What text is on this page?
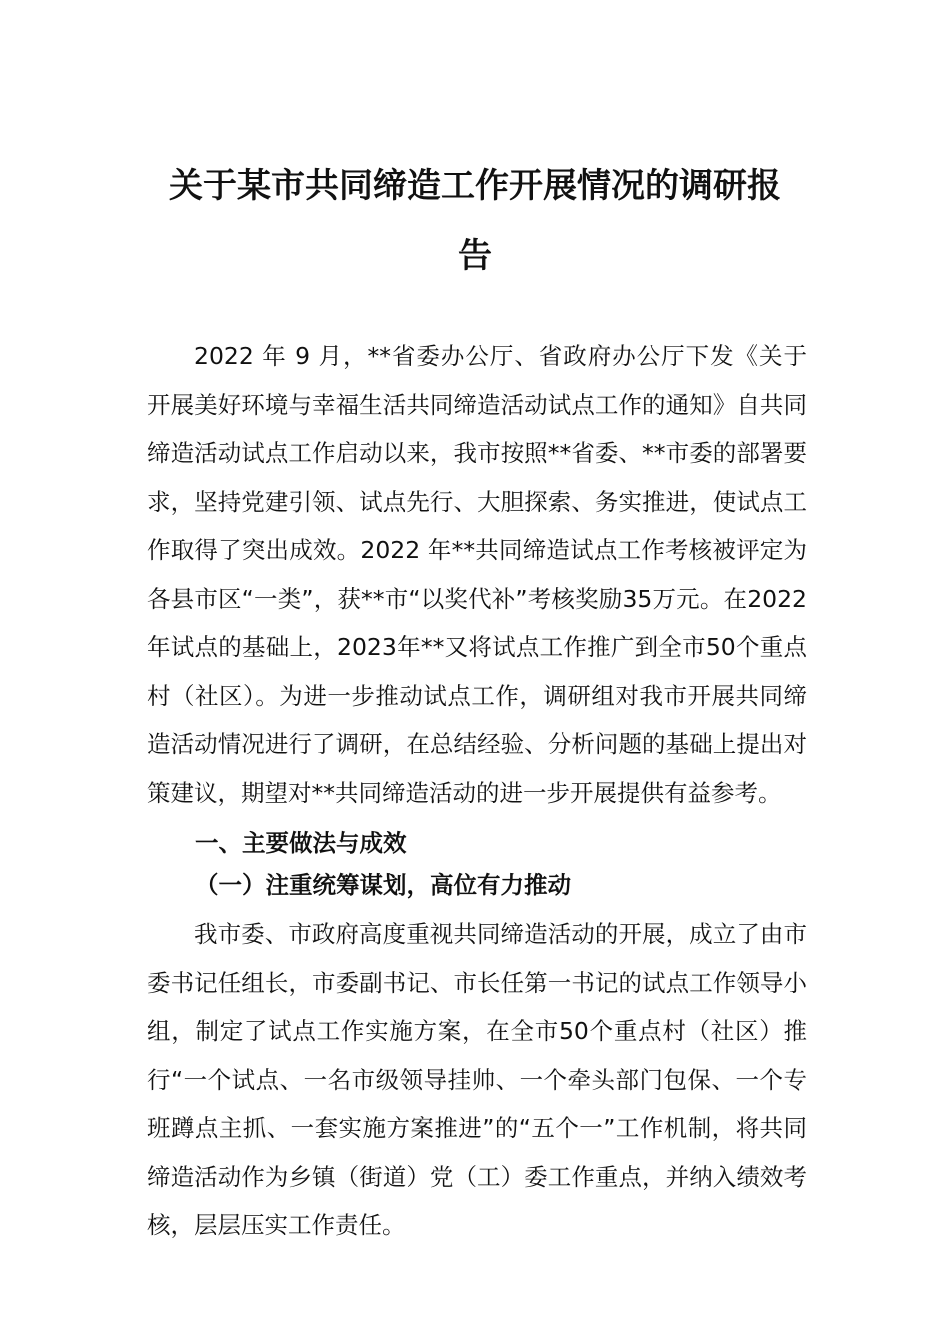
关于某市共同缔造工作开展情况的调研报
告

2022 年 9 月，**省委办公厅、省政府办公厅下发《关于开展美好环境与幸福生活共同缔造活动试点工作的通知》自共同缔造活动试点工作启动以来，我市按照**省委、**市委的部署要求，坚持党建引领、试点先行、大胆探索、务实推进，使试点工作取得了突出成效。2022 年**共同缔造试点工作考核被评定为各县市区“一类”，获**市“以奖代补”考核奖励35万元。在2022年试点的基础上，2023年**又将试点工作推广到全市50个重点村（社区）。为进一步推动试点工作，调研组对我市开展共同缔造活动情况进行了调研，在总结经验、分析问题的基础上提出对策建议，期望对**共同缔造活动的进一步开展提供有益参考。

一、主要做法与成效
（一）注重统筹谋划，高位有力推动

我市委、市政府高度重视共同缔造活动的开展，成立了由市委书记任组长，市委副书记、市长任第一书记的试点工作领导小组，制定了试点工作实施方案，在全市50个重点村（社区）推行“一个试点、一名市级领导挂帅、一个牵头部门包保、一个专班蹲点主抓、一套实施方案推进”的“五个一”工作机制，将共同缔造活动作为乡镇（街道）党（工）委工作重点，并纳入绩效考核，层层压实工作责任。
